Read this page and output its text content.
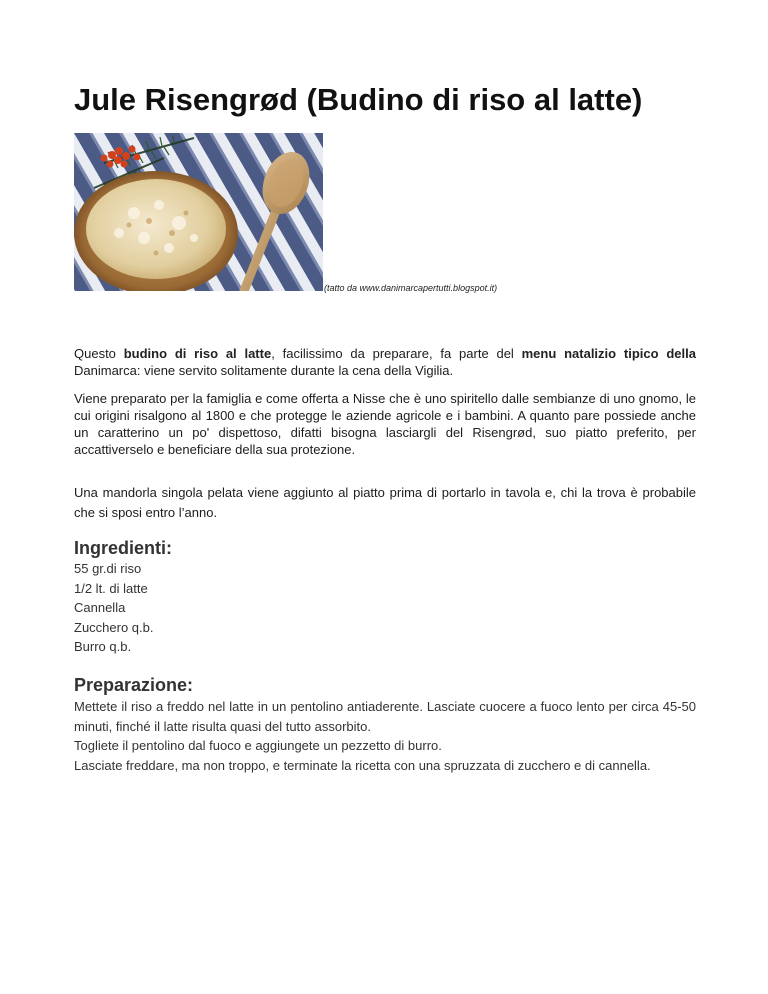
Jule Risengrød (Budino di riso al latte)
(tatto da www.danimarcapertutti.blogspot.it)

Questo budino di riso al latte, facilissimo da preparare, fa parte del menu natalizio tipico della Danimarca: viene servito solitamente durante la cena della Vigilia.

Viene preparato per la famiglia e come offerta a Nisse che è uno spiritello dalle sembianze di uno gnomo, le cui origini risalgono al 1800 e che protegge le aziende agricole e i bambini. A quanto pare possiede anche un caratterino un po' dispettoso, difatti bisogna lasciargli del Risengrød, suo piatto preferito, per accattiverselo e beneficiare della sua protezione.

Una mandorla singola pelata viene aggiunto al piatto prima di portarlo in tavola e, chi la trova è probabile che si sposi entro l’anno.

Ingredienti:
55 gr.di riso
1/2 lt. di latte
Cannella
Zucchero q.b.
Burro q.b.
Preparazione:

Mettete il riso a freddo nel latte in un pentolino antiaderente. Lasciate cuocere a fuoco lento per circa 45-50 minuti, finché il latte risulta quasi del tutto assorbito.

Togliete il pentolino dal fuoco e aggiungete un pezzetto di burro.

Lasciate freddare, ma non troppo, e terminate la ricetta con una spruzzata di zucchero e di cannella.
